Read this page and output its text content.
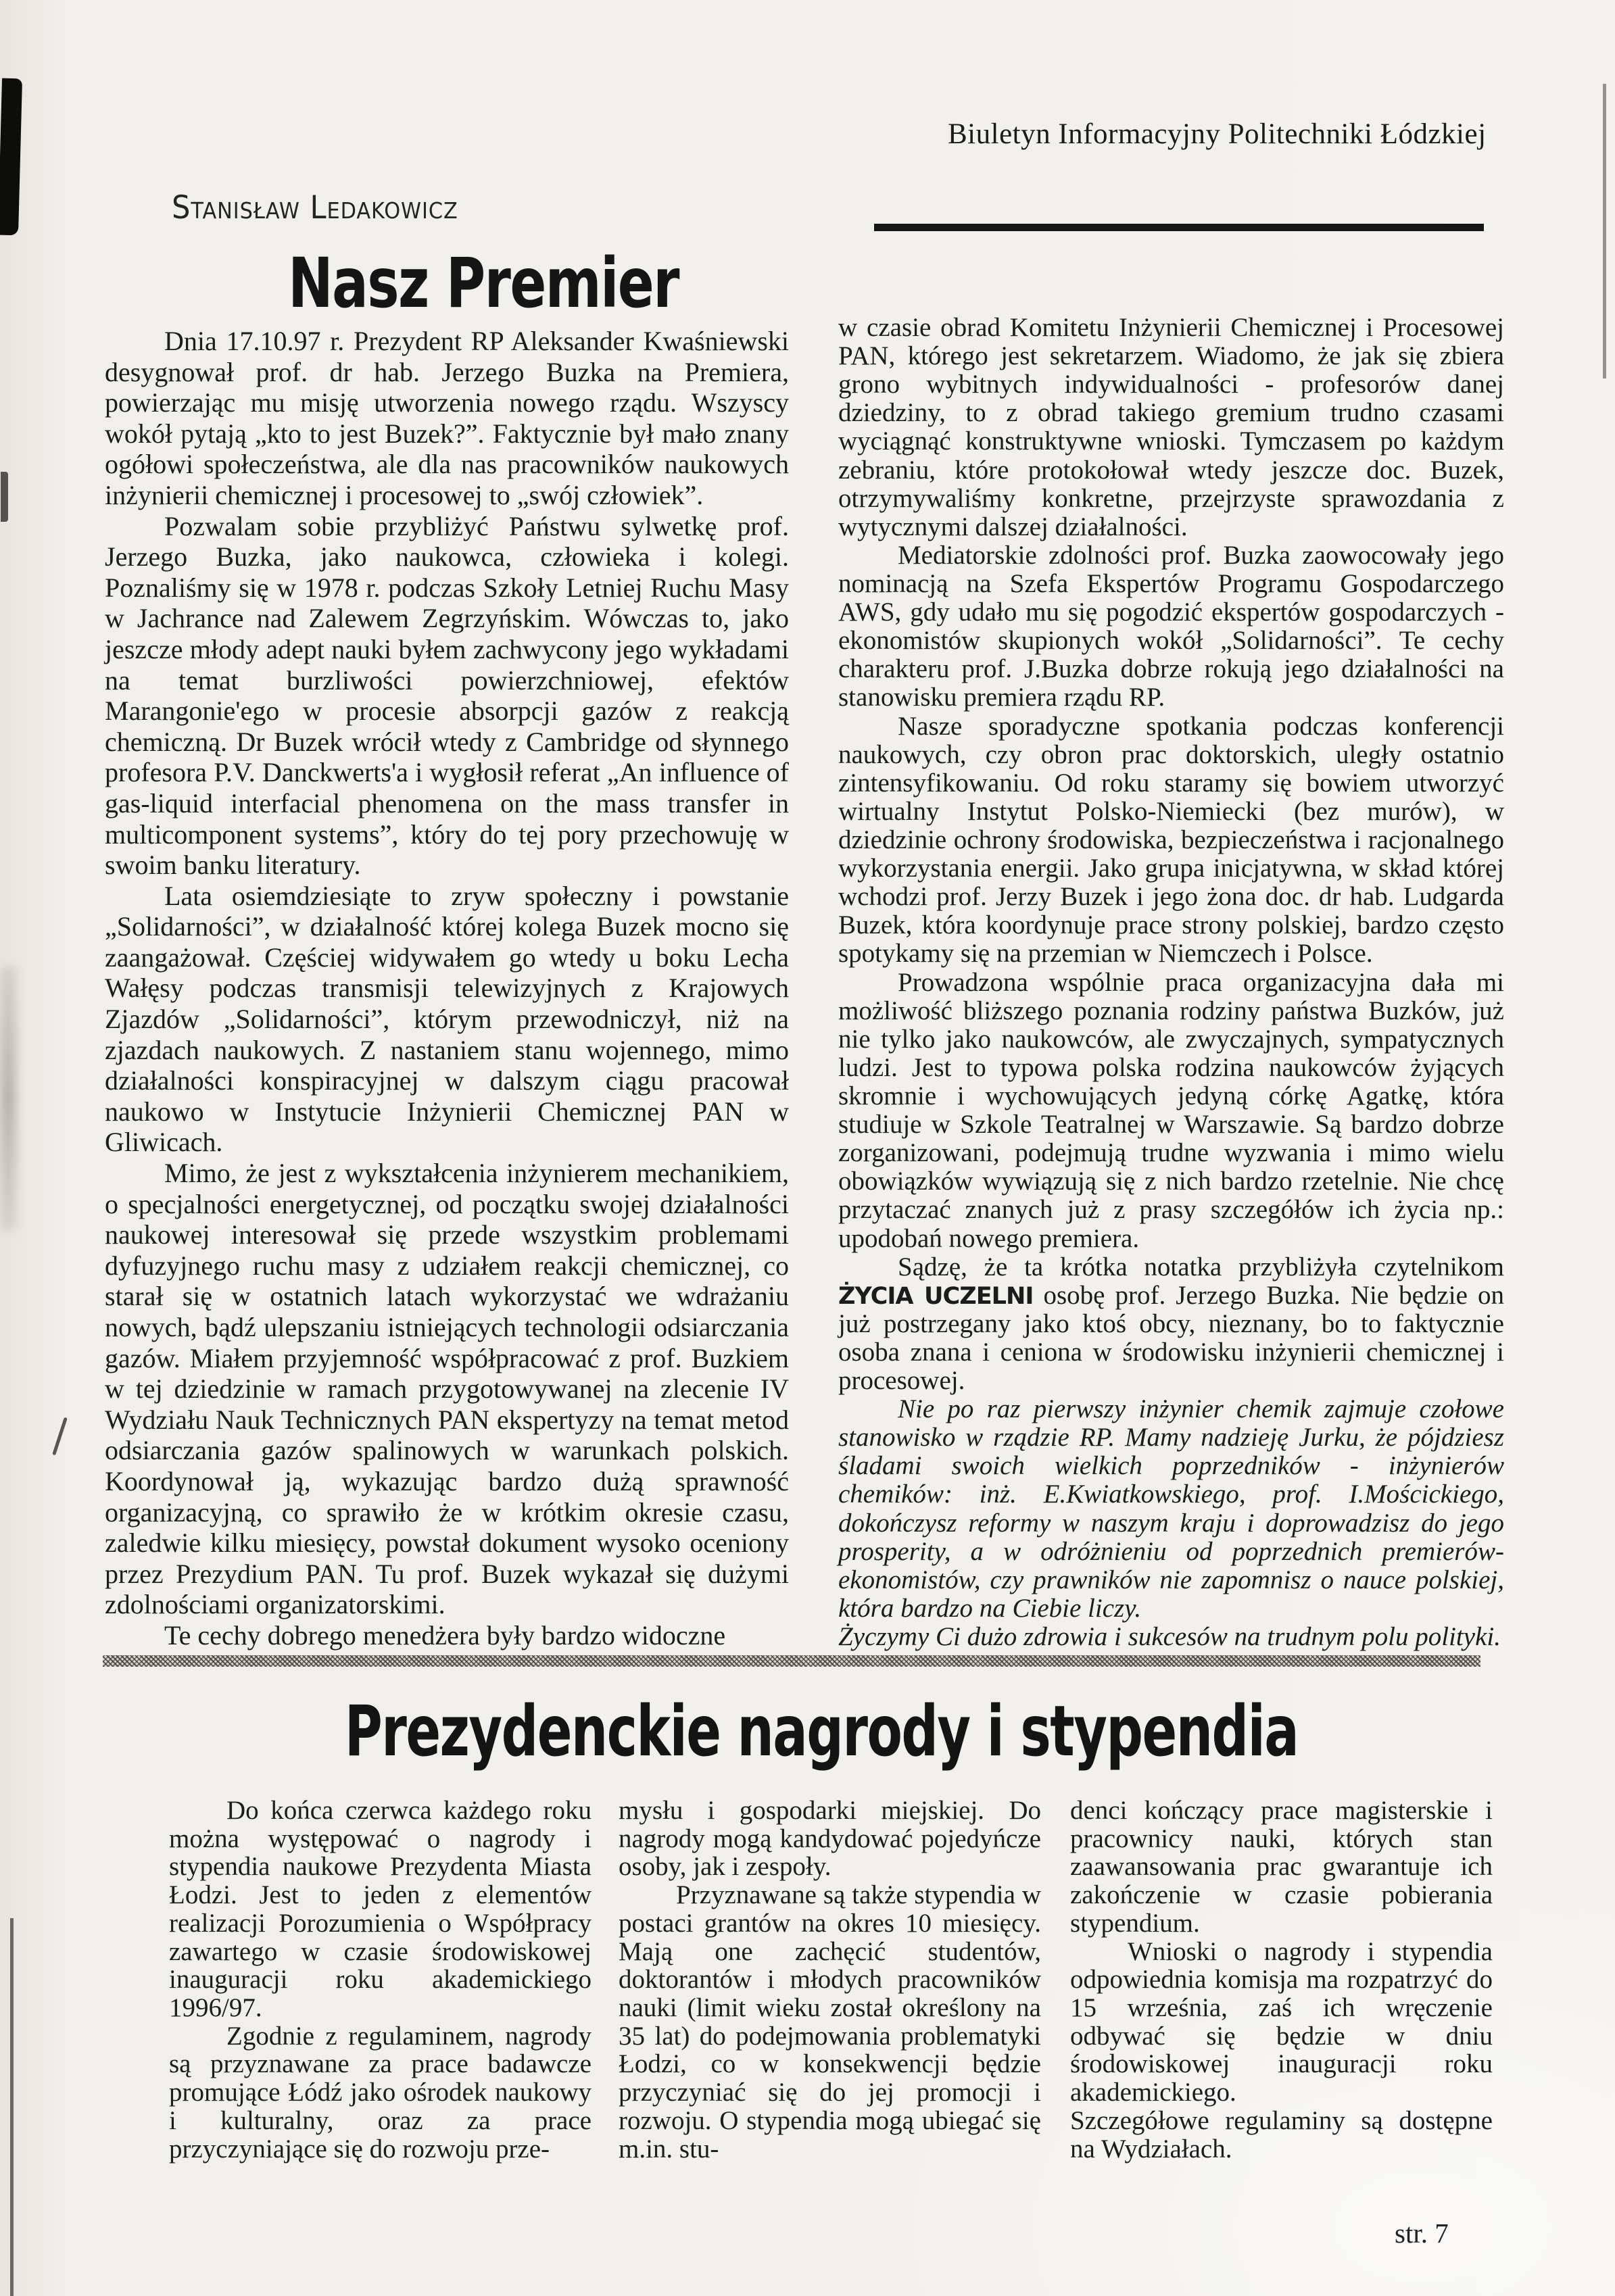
Biuletyn Informacyjny Politechniki Łódzkiej
Stanisław Ledakowicz
Nasz Premier

Dnia 17.10.97 r. Prezydent RP Aleksander Kwaśniewski desygnował prof. dr hab. Jerzego Buzka na Premiera, powierzając mu misję utworzenia nowego rządu. Wszyscy wokół pytają „kto to jest Buzek?”. Faktycznie był mało znany ogółowi społeczeństwa, ale dla nas pracowników naukowych inżynierii chemicznej i procesowej to „swój człowiek”.

Pozwalam sobie przybliżyć Państwu sylwetkę prof. Jerzego Buzka, jako naukowca, człowieka i kolegi. Poznaliśmy się w 1978 r. podczas Szkoły Letniej Ruchu Masy w Jachrance nad Zalewem Zegrzyńskim. Wówczas to, jako jeszcze młody adept nauki byłem zachwycony jego wykładami na temat burzliwości powierzchniowej, efektów Marangonie'ego w procesie absorpcji gazów z reakcją chemiczną. Dr Buzek wrócił wtedy z Cambridge od słynnego profesora P.V. Danckwerts'a i wygłosił referat „An influence of gas-liquid interfacial phenomena on the mass transfer in multicomponent systems”, który do tej pory przechowuję w swoim banku literatury.

Lata osiemdziesiąte to zryw społeczny i powstanie „Solidarności”, w działalność której kolega Buzek mocno się zaangażował. Częściej widywałem go wtedy u boku Lecha Wałęsy podczas transmisji telewizyjnych z Krajowych Zjazdów „Solidarności”, którym przewodniczył, niż na zjazdach naukowych. Z nastaniem stanu wojennego, mimo działalności konspiracyjnej w dalszym ciągu pracował naukowo w Instytucie Inżynierii Chemicznej PAN w Gliwicach.

Mimo, że jest z wykształcenia inżynierem mechanikiem, o specjalności energetycznej, od początku swojej działalności naukowej interesował się przede wszystkim problemami dyfuzyjnego ruchu masy z udziałem reakcji chemicznej, co starał się w ostatnich latach wykorzystać we wdrażaniu nowych, bądź ulepszaniu istniejących technologii odsiarczania gazów. Miałem przyjemność współpracować z prof. Buzkiem w tej dziedzinie w ramach przygotowywanej na zlecenie IV Wydziału Nauk Technicznych PAN ekspertyzy na temat metod odsiarczania gazów spalinowych w warunkach polskich. Koordynował ją, wykazując bardzo dużą sprawność organizacyjną, co sprawiło że w krótkim okresie czasu, zaledwie kilku miesięcy, powstał dokument wysoko oceniony przez Prezydium PAN. Tu prof. Buzek wykazał się dużymi zdolnościami organizatorskimi.

Te cechy dobrego menedżera były bardzo widoczne

w czasie obrad Komitetu Inżynierii Chemicznej i Procesowej PAN, którego jest sekretarzem. Wiadomo, że jak się zbiera grono wybitnych indywidualności - profesorów danej dziedziny, to z obrad takiego gremium trudno czasami wyciągnąć konstruktywne wnioski. Tymczasem po każdym zebraniu, które protokołował wtedy jeszcze doc. Buzek, otrzymywaliśmy konkretne, przejrzyste sprawozdania z wytycznymi dalszej działalności.

Mediatorskie zdolności prof. Buzka zaowocowały jego nominacją na Szefa Ekspertów Programu Gospodarczego AWS, gdy udało mu się pogodzić ekspertów gospodarczych - ekonomistów skupionych wokół „Solidarności”. Te cechy charakteru prof. J.Buzka dobrze rokują jego działalności na stanowisku premiera rządu RP.

Nasze sporadyczne spotkania podczas konferencji naukowych, czy obron prac doktorskich, uległy ostatnio zintensyfikowaniu. Od roku staramy się bowiem utworzyć wirtualny Instytut Polsko-Niemiecki (bez murów), w dziedzinie ochrony środowiska, bezpieczeństwa i racjonalnego wykorzystania energii. Jako grupa inicjatywna, w skład której wchodzi prof. Jerzy Buzek i jego żona doc. dr hab. Ludgarda Buzek, która koordynuje prace strony polskiej, bardzo często spotykamy się na przemian w Niemczech i Polsce.

Prowadzona wspólnie praca organizacyjna dała mi możliwość bliższego poznania rodziny państwa Buzków, już nie tylko jako naukowców, ale zwyczajnych, sympatycznych ludzi. Jest to typowa polska rodzina naukowców żyjących skromnie i wychowujących jedyną córkę Agatkę, która studiuje w Szkole Teatralnej w Warszawie. Są bardzo dobrze zorganizowani, podejmują trudne wyzwania i mimo wielu obowiązków wywiązują się z nich bardzo rzetelnie. Nie chcę przytaczać znanych już z prasy szczegółów ich życia np.: upodobań nowego premiera.

Sądzę, że ta krótka notatka przybliżyła czytelnikom ŻYCIA UCZELNI osobę prof. Jerzego Buzka. Nie będzie on już postrzegany jako ktoś obcy, nieznany, bo to faktycznie osoba znana i ceniona w środowisku inżynierii chemicznej i procesowej.

Nie po raz pierwszy inżynier chemik zajmuje czołowe stanowisko w rządzie RP. Mamy nadzieję Jurku, że pójdziesz śladami swoich wielkich poprzedników - inżynierów chemików: inż. E.Kwiatkowskiego, prof. I.Mościckiego, dokończysz reformy w naszym kraju i doprowadzisz do jego prosperity, a w odróżnieniu od poprzednich premierów-ekonomistów, czy prawników nie zapomnisz o nauce polskiej, która bardzo na Ciebie liczy.

Życzymy Ci dużo zdrowia i sukcesów na trudnym polu polityki.

Prezydenckie nagrody i stypendia

Do końca czerwca każdego roku można występować o nagrody i stypendia naukowe Prezydenta Miasta Łodzi. Jest to jeden z elementów realizacji Porozumienia o Współpracy zawartego w czasie środowiskowej inauguracji roku akademickiego 1996/97.

Zgodnie z regulaminem, nagrody są przyznawane za prace badawcze promujące Łódź jako ośrodek naukowy i kulturalny, oraz za prace przyczyniające się do rozwoju prze-

mysłu i gospodarki miejskiej. Do nagrody mogą kandydować pojedyńcze osoby, jak i zespoły.

Przyznawane są także stypendia w postaci grantów na okres 10 miesięcy. Mają one zachęcić studentów, doktorantów i młodych pracowników nauki (limit wieku został określony na 35 lat) do podejmowania problematyki Łodzi, co w konsekwencji będzie przyczyniać się do jej promocji i rozwoju. O stypendia mogą ubiegać się m.in. stu-

denci kończący prace magisterskie i pracownicy nauki, których stan zaawansowania prac gwarantuje ich zakończenie w czasie pobierania stypendium.

Wnioski o nagrody i stypendia odpowiednia komisja ma rozpatrzyć do 15 września, zaś ich wręczenie odbywać się będzie w dniu środowiskowej inauguracji roku akademickiego.

Szczegółowe regulaminy są dostępne na Wydziałach.

str. 7
